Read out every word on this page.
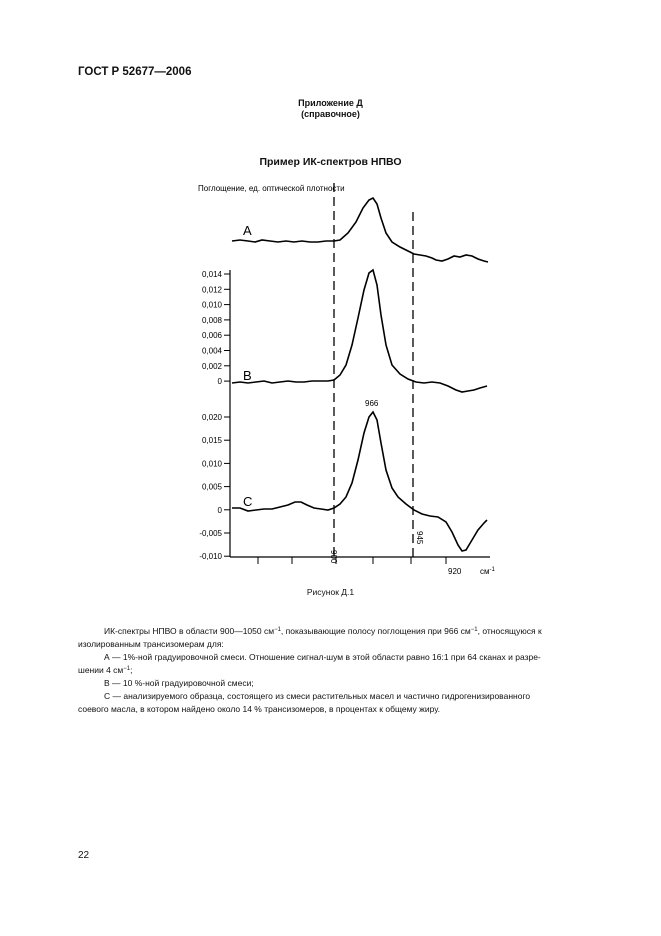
ГОСТ Р 52677—2006
Приложение Д
(справочное)
Пример ИК-спектров НПВО
Поглощение, ед. оптической плотности
900
945
0,014
0,012
0,010
0,008
0,006
0,004
0,002
0
0,020
0,015
0,010
0,005
0
-0,005
-0,010
A
B
C
966
920 $см^{-1}$
Рисунок Д.1
ИК-спектры НПВО в области 900—1050 $см^{-1}$, показывающие полосу поглощения при 966 $см^{-1}$, относящуюся к
изолированным трансизомерам для:
А — 1%-ной градуировочной смеси. Отношение сигнал-шум в этой области равно 16:1 при 64 сканах и разре-
шении 4 $см^{-1}$;
В — 10 %-ной градуировочной смеси;
С — анализируемого образца, состоящего из смеси растительных масел и частично гидрогенизированного
соевого масла, в котором найдено около 14 % трансизомеров, в процентах к общему жиру.
22
